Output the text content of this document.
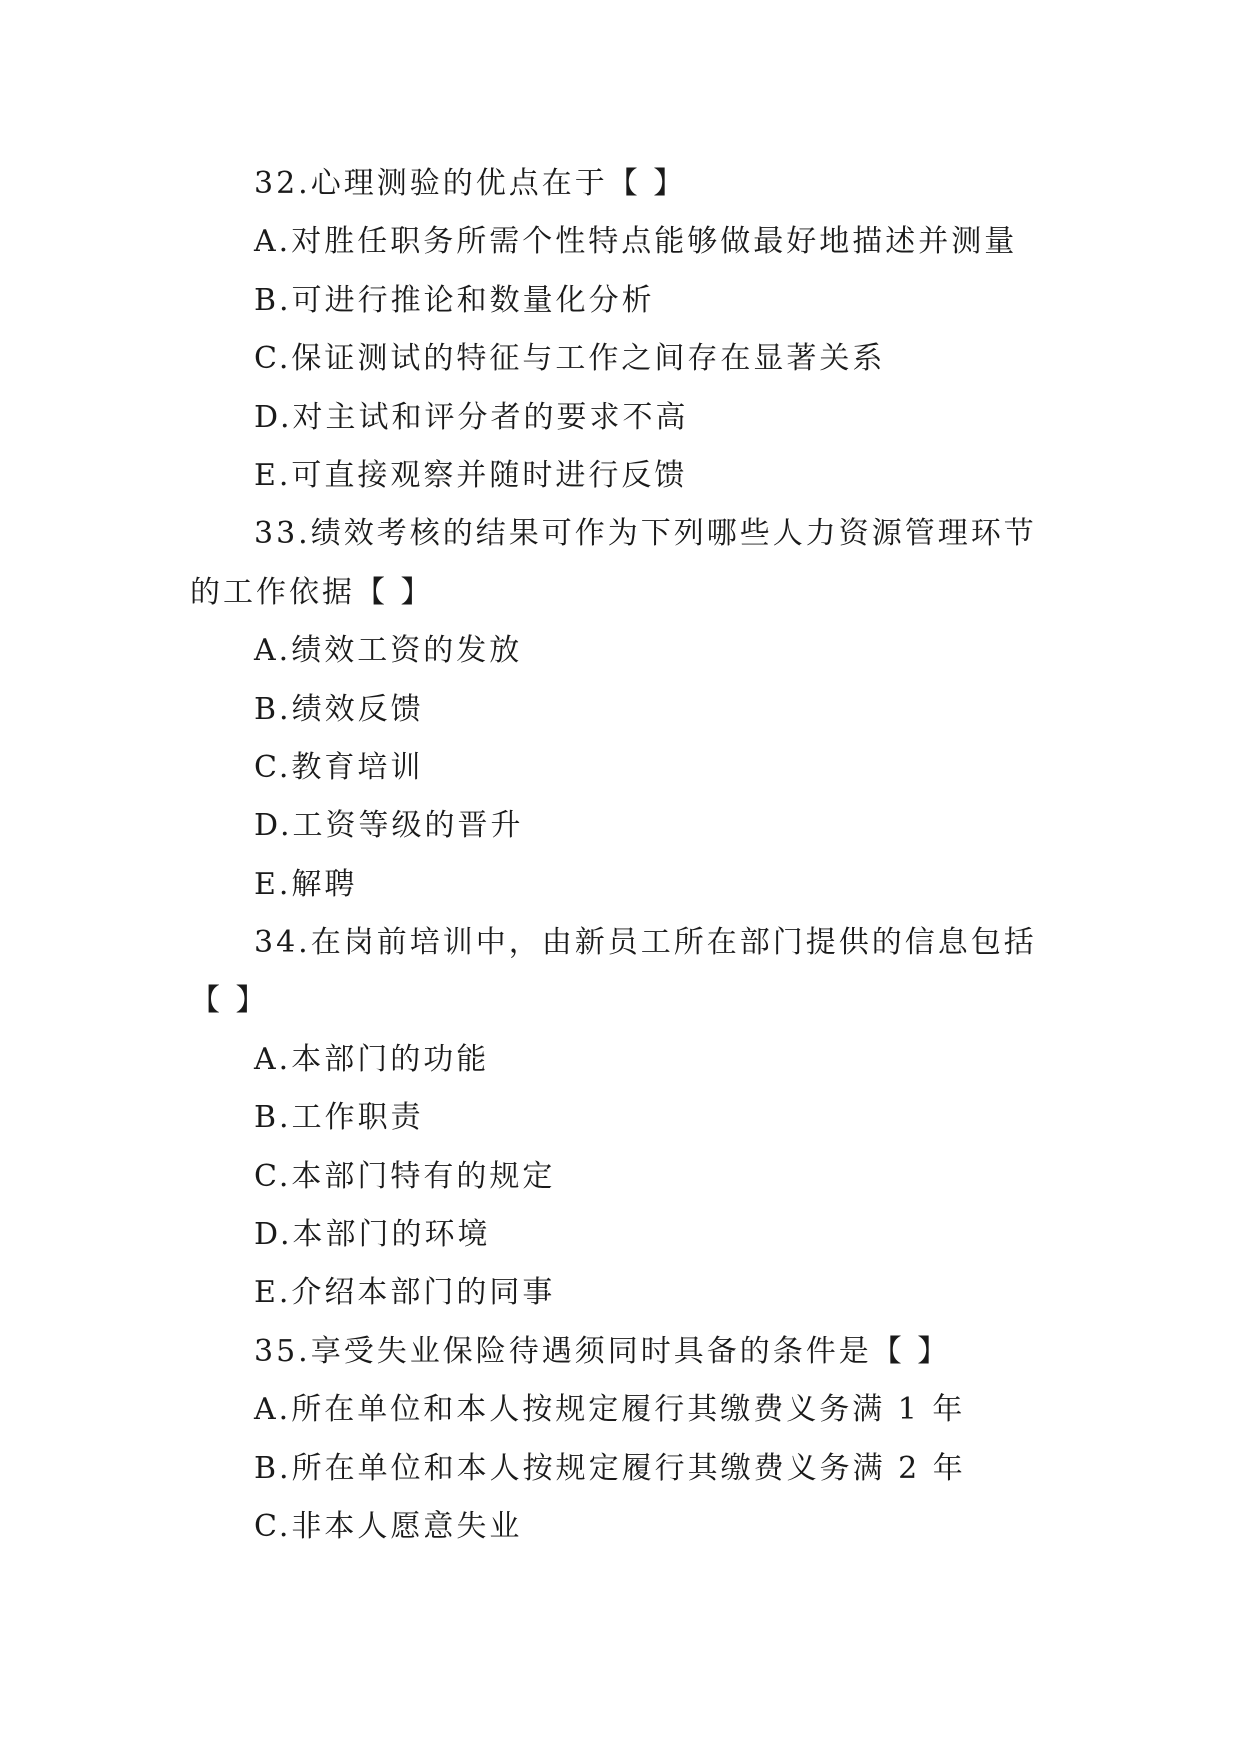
32.心理测验的优点在于【 】
A.对胜任职务所需个性特点能够做最好地描述并测量
B.可进行推论和数量化分析
C.保证测试的特征与工作之间存在显著关系
D.对主试和评分者的要求不高
E.可直接观察并随时进行反馈
33.绩效考核的结果可作为下列哪些人力资源管理环节
的工作依据【 】
A.绩效工资的发放
B.绩效反馈
C.教育培训
D.工资等级的晋升
E.解聘
34.在岗前培训中，由新员工所在部门提供的信息包括
【 】
A.本部门的功能
B.工作职责
C.本部门特有的规定
D.本部门的环境
E.介绍本部门的同事
35.享受失业保险待遇须同时具备的条件是【 】
A.所在单位和本人按规定履行其缴费义务满 1 年
B.所在单位和本人按规定履行其缴费义务满 2 年
C.非本人愿意失业
